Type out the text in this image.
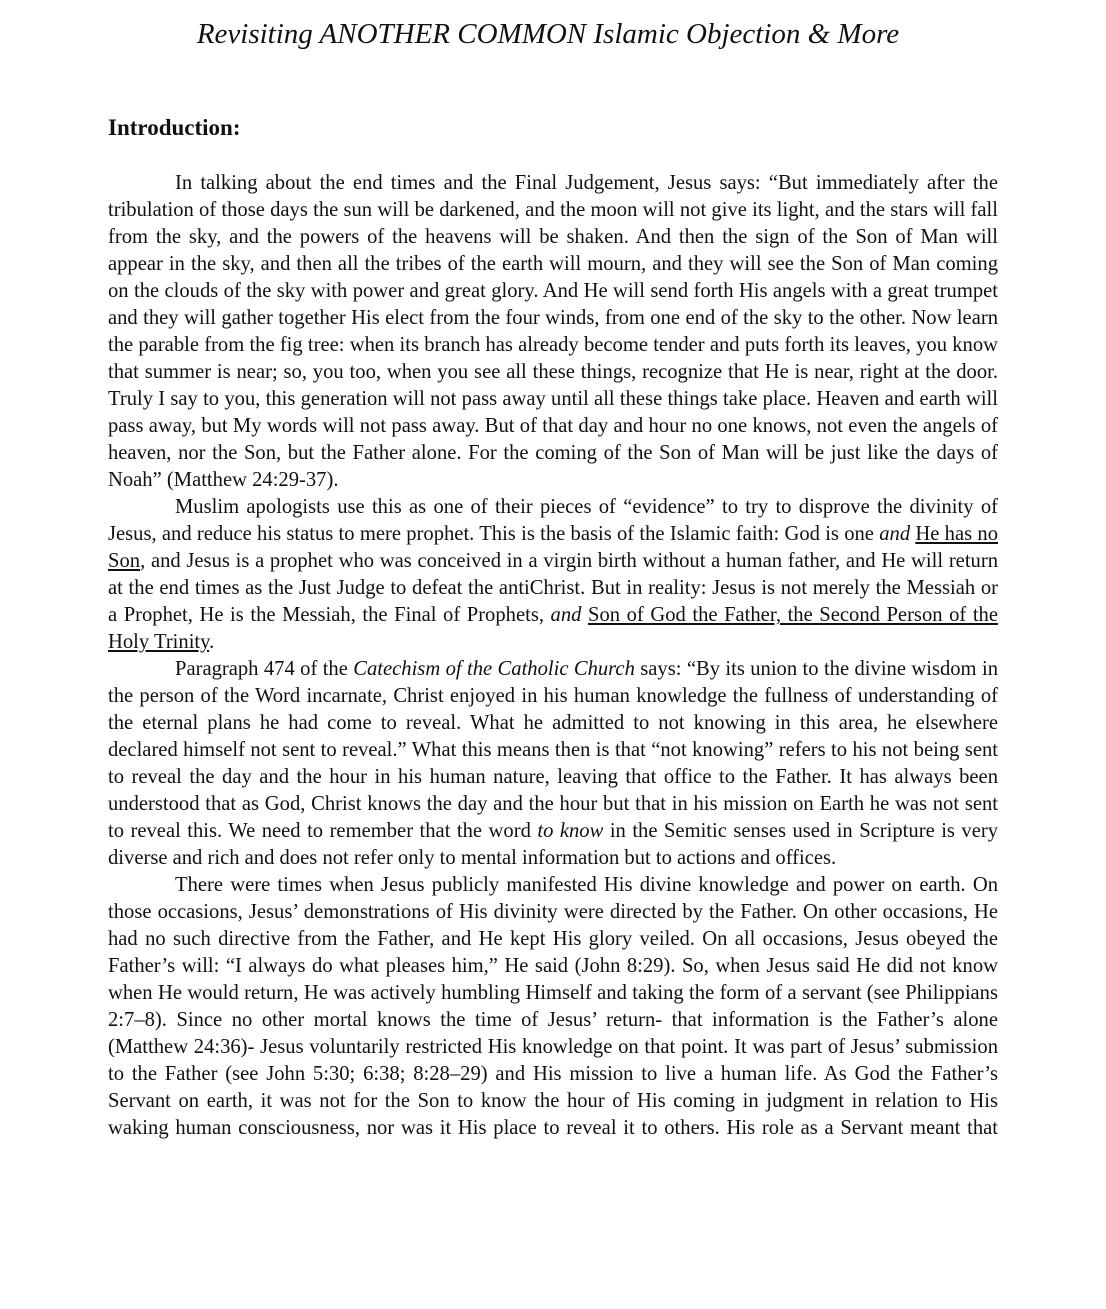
Revisiting ANOTHER COMMON Islamic Objection & More
Introduction:

In talking about the end times and the Final Judgement, Jesus says: “But immediately after the tribulation of those days the sun will be darkened, and the moon will not give its light, and the stars will fall from the sky, and the powers of the heavens will be shaken. And then the sign of the Son of Man will appear in the sky, and then all the tribes of the earth will mourn, and they will see the Son of Man coming on the clouds of the sky with power and great glory. And He will send forth His angels with a great trumpet and they will gather together His elect from the four winds, from one end of the sky to the other. Now learn the parable from the fig tree: when its branch has already become tender and puts forth its leaves, you know that summer is near; so, you too, when you see all these things, recognize that He is near, right at the door. Truly I say to you, this generation will not pass away until all these things take place. Heaven and earth will pass away, but My words will not pass away. But of that day and hour no one knows, not even the angels of heaven, nor the Son, but the Father alone. For the coming of the Son of Man will be just like the days of Noah” (Matthew 24:29-37).

Muslim apologists use this as one of their pieces of “evidence” to try to disprove the divinity of Jesus, and reduce his status to mere prophet. This is the basis of the Islamic faith: God is one and He has no Son, and Jesus is a prophet who was conceived in a virgin birth without a human father, and He will return at the end times as the Just Judge to defeat the antiChrist. But in reality: Jesus is not merely the Messiah or a Prophet, He is the Messiah, the Final of Prophets, and Son of God the Father, the Second Person of the Holy Trinity.

Paragraph 474 of the Catechism of the Catholic Church says: “By its union to the divine wisdom in the person of the Word incarnate, Christ enjoyed in his human knowledge the fullness of understanding of the eternal plans he had come to reveal. What he admitted to not knowing in this area, he elsewhere declared himself not sent to reveal.” What this means then is that “not knowing” refers to his not being sent to reveal the day and the hour in his human nature, leaving that office to the Father. It has always been understood that as God, Christ knows the day and the hour but that in his mission on Earth he was not sent to reveal this. We need to remember that the word to know in the Semitic senses used in Scripture is very diverse and rich and does not refer only to mental information but to actions and offices.

There were times when Jesus publicly manifested His divine knowledge and power on earth. On those occasions, Jesus’ demonstrations of His divinity were directed by the Father. On other occasions, He had no such directive from the Father, and He kept His glory veiled. On all occasions, Jesus obeyed the Father’s will: “I always do what pleases him,” He said (John 8:29). So, when Jesus said He did not know when He would return, He was actively humbling Himself and taking the form of a servant (see Philippians 2:7–8). Since no other mortal knows the time of Jesus’ return- that information is the Father’s alone (Matthew 24:36)- Jesus voluntarily restricted His knowledge on that point. It was part of Jesus’ submission to the Father (see John 5:30; 6:38; 8:28–29) and His mission to live a human life. As God the Father’s Servant on earth, it was not for the Son to know the hour of His coming in judgment in relation to His waking human consciousness, nor was it His place to reveal it to others. His role as a Servant meant that
